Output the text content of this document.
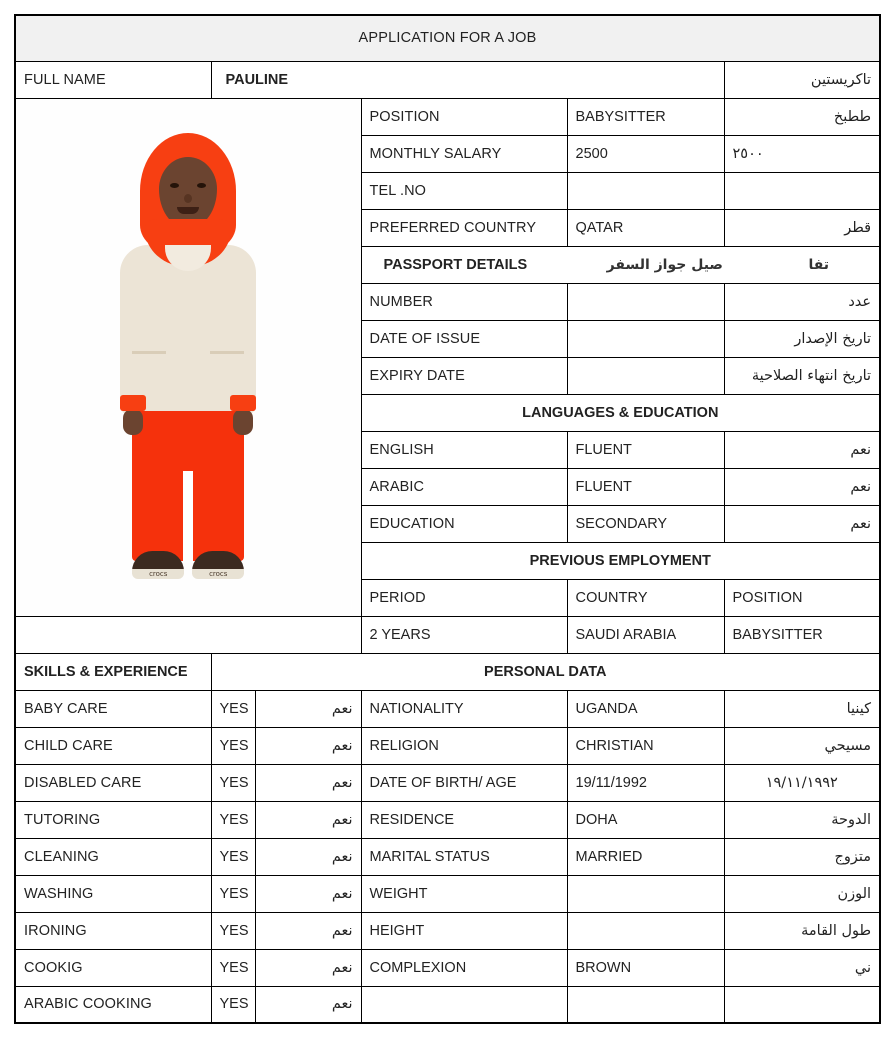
APPLICATION FOR A JOB					
FULL NAME	PAULINE				تاكريستين

crocs crocs			POSITION	BABYSITTER	ططبخ
			MONTHLY SALARY	2500	٢٥٠٠
			TEL .NO		
			PREFERRED COUNTRY	QATAR	قطر

			PASSPORT DETAILS صيل جواز السفر تفا		

			NUMBER		عدد
			DATE OF ISSUE		تاريخ الإصدار
			EXPIRY DATE		تاريخ انتهاء الصلاحية
			LANGUAGES & EDUCATION		
			ENGLISH	FLUENT	نعم
			ARABIC	FLUENT	نعم
			EDUCATION	SECONDARY	نعم
			PREVIOUS EMPLOYMENT		
			PERIOD	COUNTRY	POSITION
			2 YEARS	SAUDI ARABIA	BABYSITTER
SKILLS & EXPERIENCE	PERSONAL DATA				
BABY CARE	YES	نعم	NATIONALITY	UGANDA	كينيا
CHILD CARE	YES	نعم	RELIGION	CHRISTIAN	مسيحي
DISABLED CARE	YES	نعم	DATE OF BIRTH/ AGE	19/11/1992	١٩/١١/١٩٩٢
TUTORING	YES	نعم	RESIDENCE	DOHA	الدوحة
CLEANING	YES	نعم	MARITAL STATUS	MARRIED	متزوج
WASHING	YES	نعم	WEIGHT		الوزن
IRONING	YES	نعم	HEIGHT		طول القامة
COOKIG	YES	نعم	COMPLEXION	BROWN	ني
ARABIC COOKING	YES	نعم			
